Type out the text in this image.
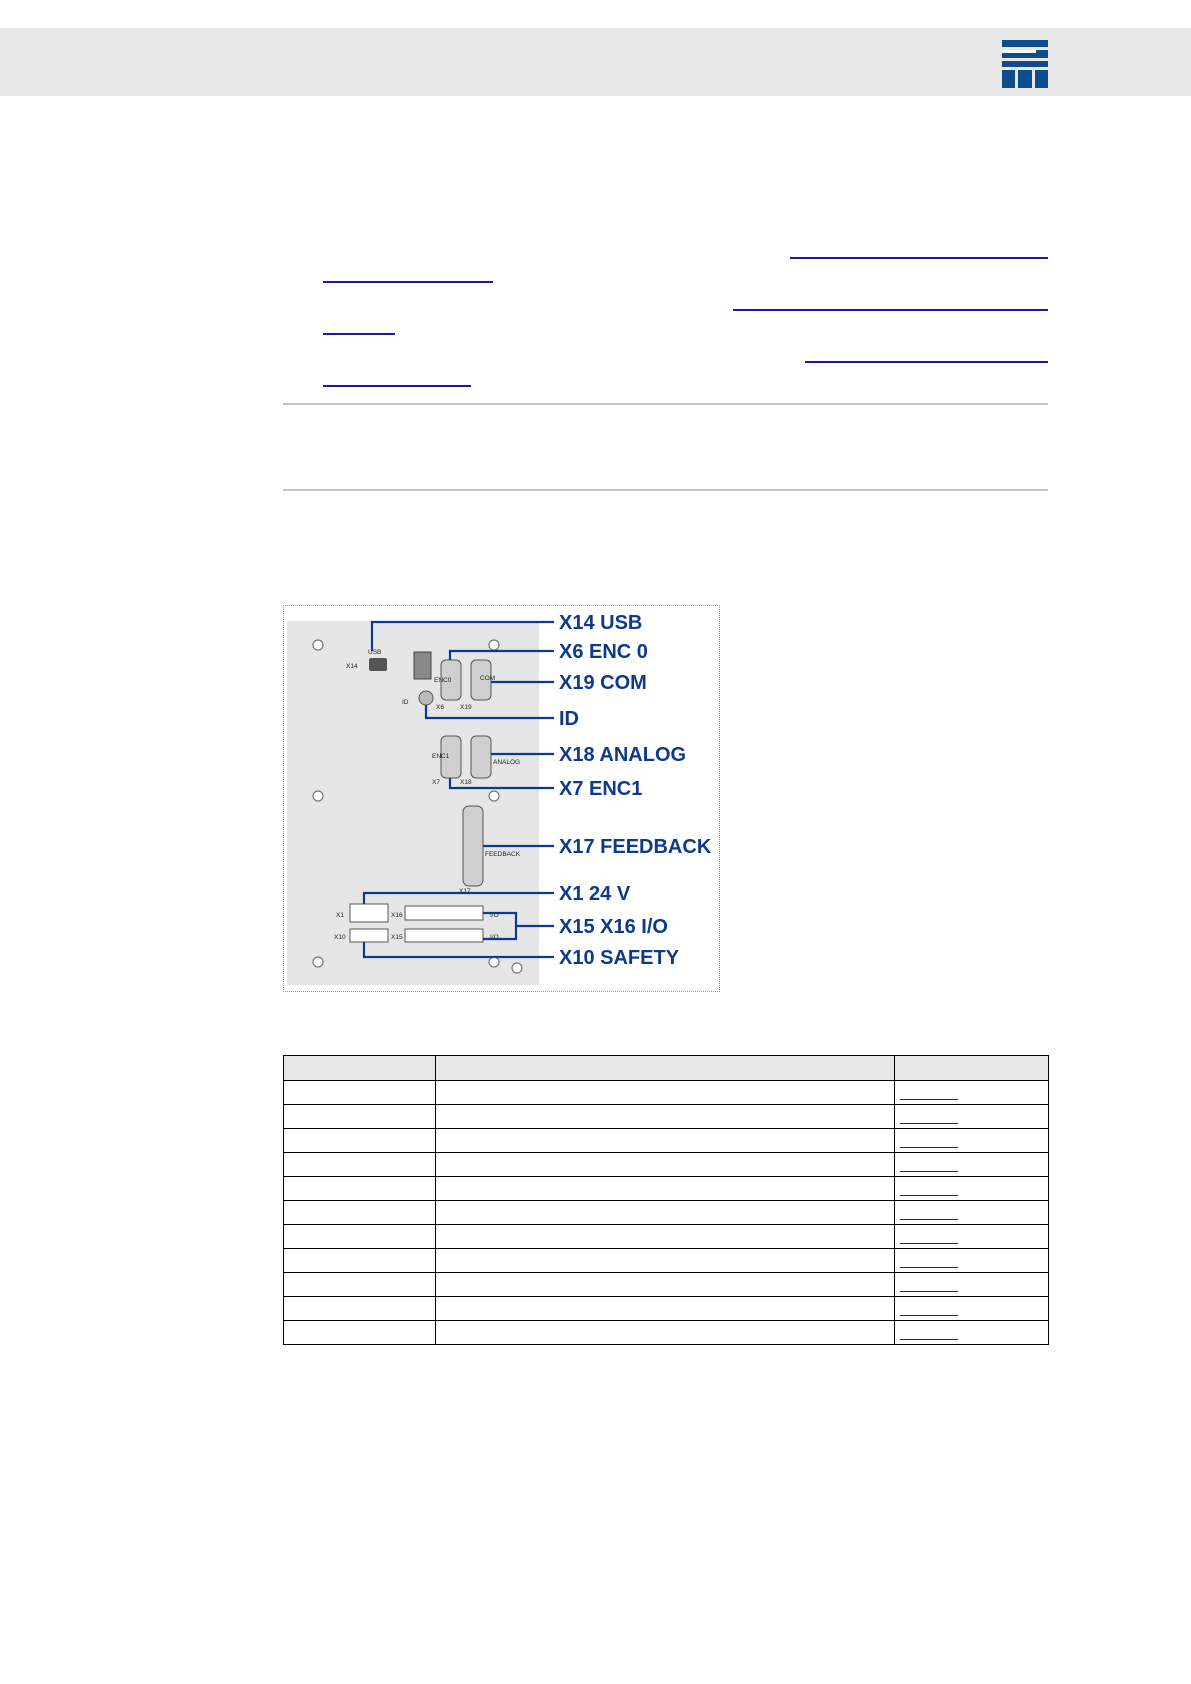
USB
X14
ENC0	COM
X6 X19
ID
ENC1
ANALOG
X7	X18
FEEDBACK
X17
X1	X16	I/O
X10	X15	I/O
X14 USB
X6 ENC 0
X19 COM
ID
X18 ANALOG
X7 ENC1
X17 FEEDBACK
X1 24 V
X15 X16 I/O
X10 SAFETY
